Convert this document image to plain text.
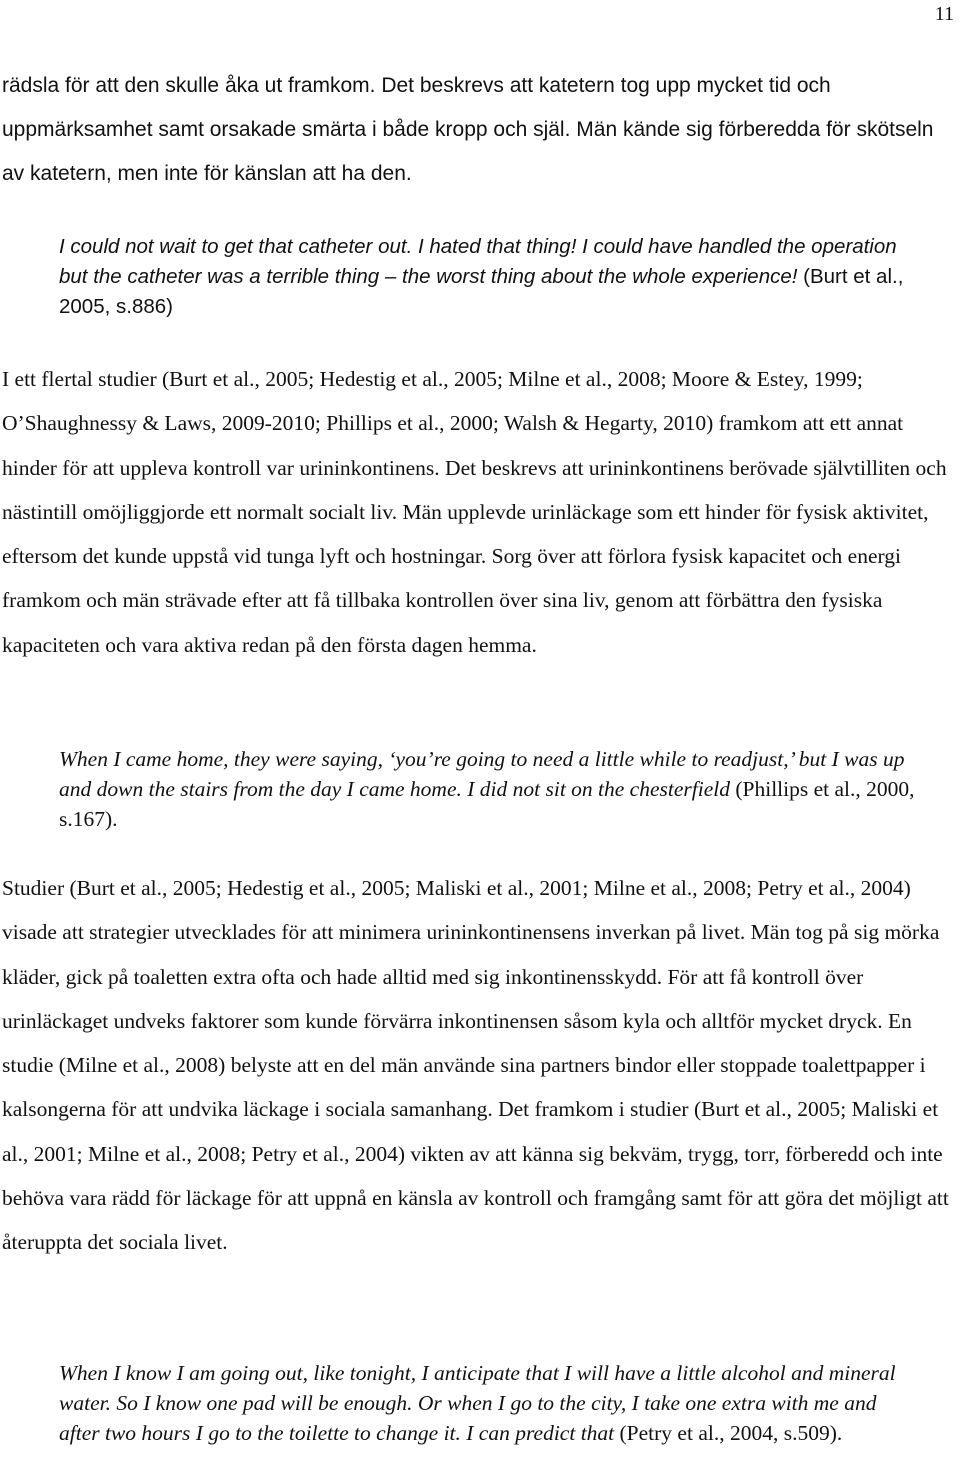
11

rädsla för att den skulle åka ut framkom. Det beskrevs att katetern tog upp mycket tid och uppmärksamhet samt orsakade smärta i både kropp och själ. Män kände sig förberedda för skötseln av katetern, men inte för känslan att ha den.

I could not wait to get that catheter out. I hated that thing! I could have handled the operation but the catheter was a terrible thing – the worst thing about the whole experience! (Burt et al., 2005, s.886)

I ett flertal studier (Burt et al., 2005; Hedestig et al., 2005; Milne et al., 2008; Moore & Estey, 1999; O’Shaughnessy & Laws, 2009-2010; Phillips et al., 2000; Walsh & Hegarty, 2010) framkom att ett annat hinder för att uppleva kontroll var urininkontinens. Det beskrevs att urininkontinens berövade självtilliten och nästintill omöjliggjorde ett normalt socialt liv. Män upplevde urinläckage som ett hinder för fysisk aktivitet, eftersom det kunde uppstå vid tunga lyft och hostningar. Sorg över att förlora fysisk kapacitet och energi framkom och män strävade efter att få tillbaka kontrollen över sina liv, genom att förbättra den fysiska kapaciteten och vara aktiva redan på den första dagen hemma.

When I came home, they were saying, ‘you’re going to need a little while to readjust,’ but I was up and down the stairs from the day I came home. I did not sit on the chesterfield (Phillips et al., 2000, s.167).

Studier (Burt et al., 2005; Hedestig et al., 2005; Maliski et al., 2001; Milne et al., 2008; Petry et al., 2004) visade att strategier utvecklades för att minimera urininkontinensens inverkan på livet. Män tog på sig mörka kläder, gick på toaletten extra ofta och hade alltid med sig inkontinensskydd. För att få kontroll över urinläckaget undveks faktorer som kunde förvärra inkontinensen såsom kyla och alltför mycket dryck. En studie (Milne et al., 2008) belyste att en del män använde sina partners bindor eller stoppade toalettpapper i kalsongerna för att undvika läckage i sociala samanhang. Det framkom i studier (Burt et al., 2005; Maliski et al., 2001; Milne et al., 2008; Petry et al., 2004) vikten av att känna sig bekväm, trygg, torr, förberedd och inte behöva vara rädd för läckage för att uppnå en känsla av kontroll och framgång samt för att göra det möjligt att återuppta det sociala livet.

When I know I am going out, like tonight, I anticipate that I will have a little alcohol and mineral water. So I know one pad will be enough. Or when I go to the city, I take one extra with me and after two hours I go to the toilette to change it. I can predict that (Petry et al., 2004, s.509).
